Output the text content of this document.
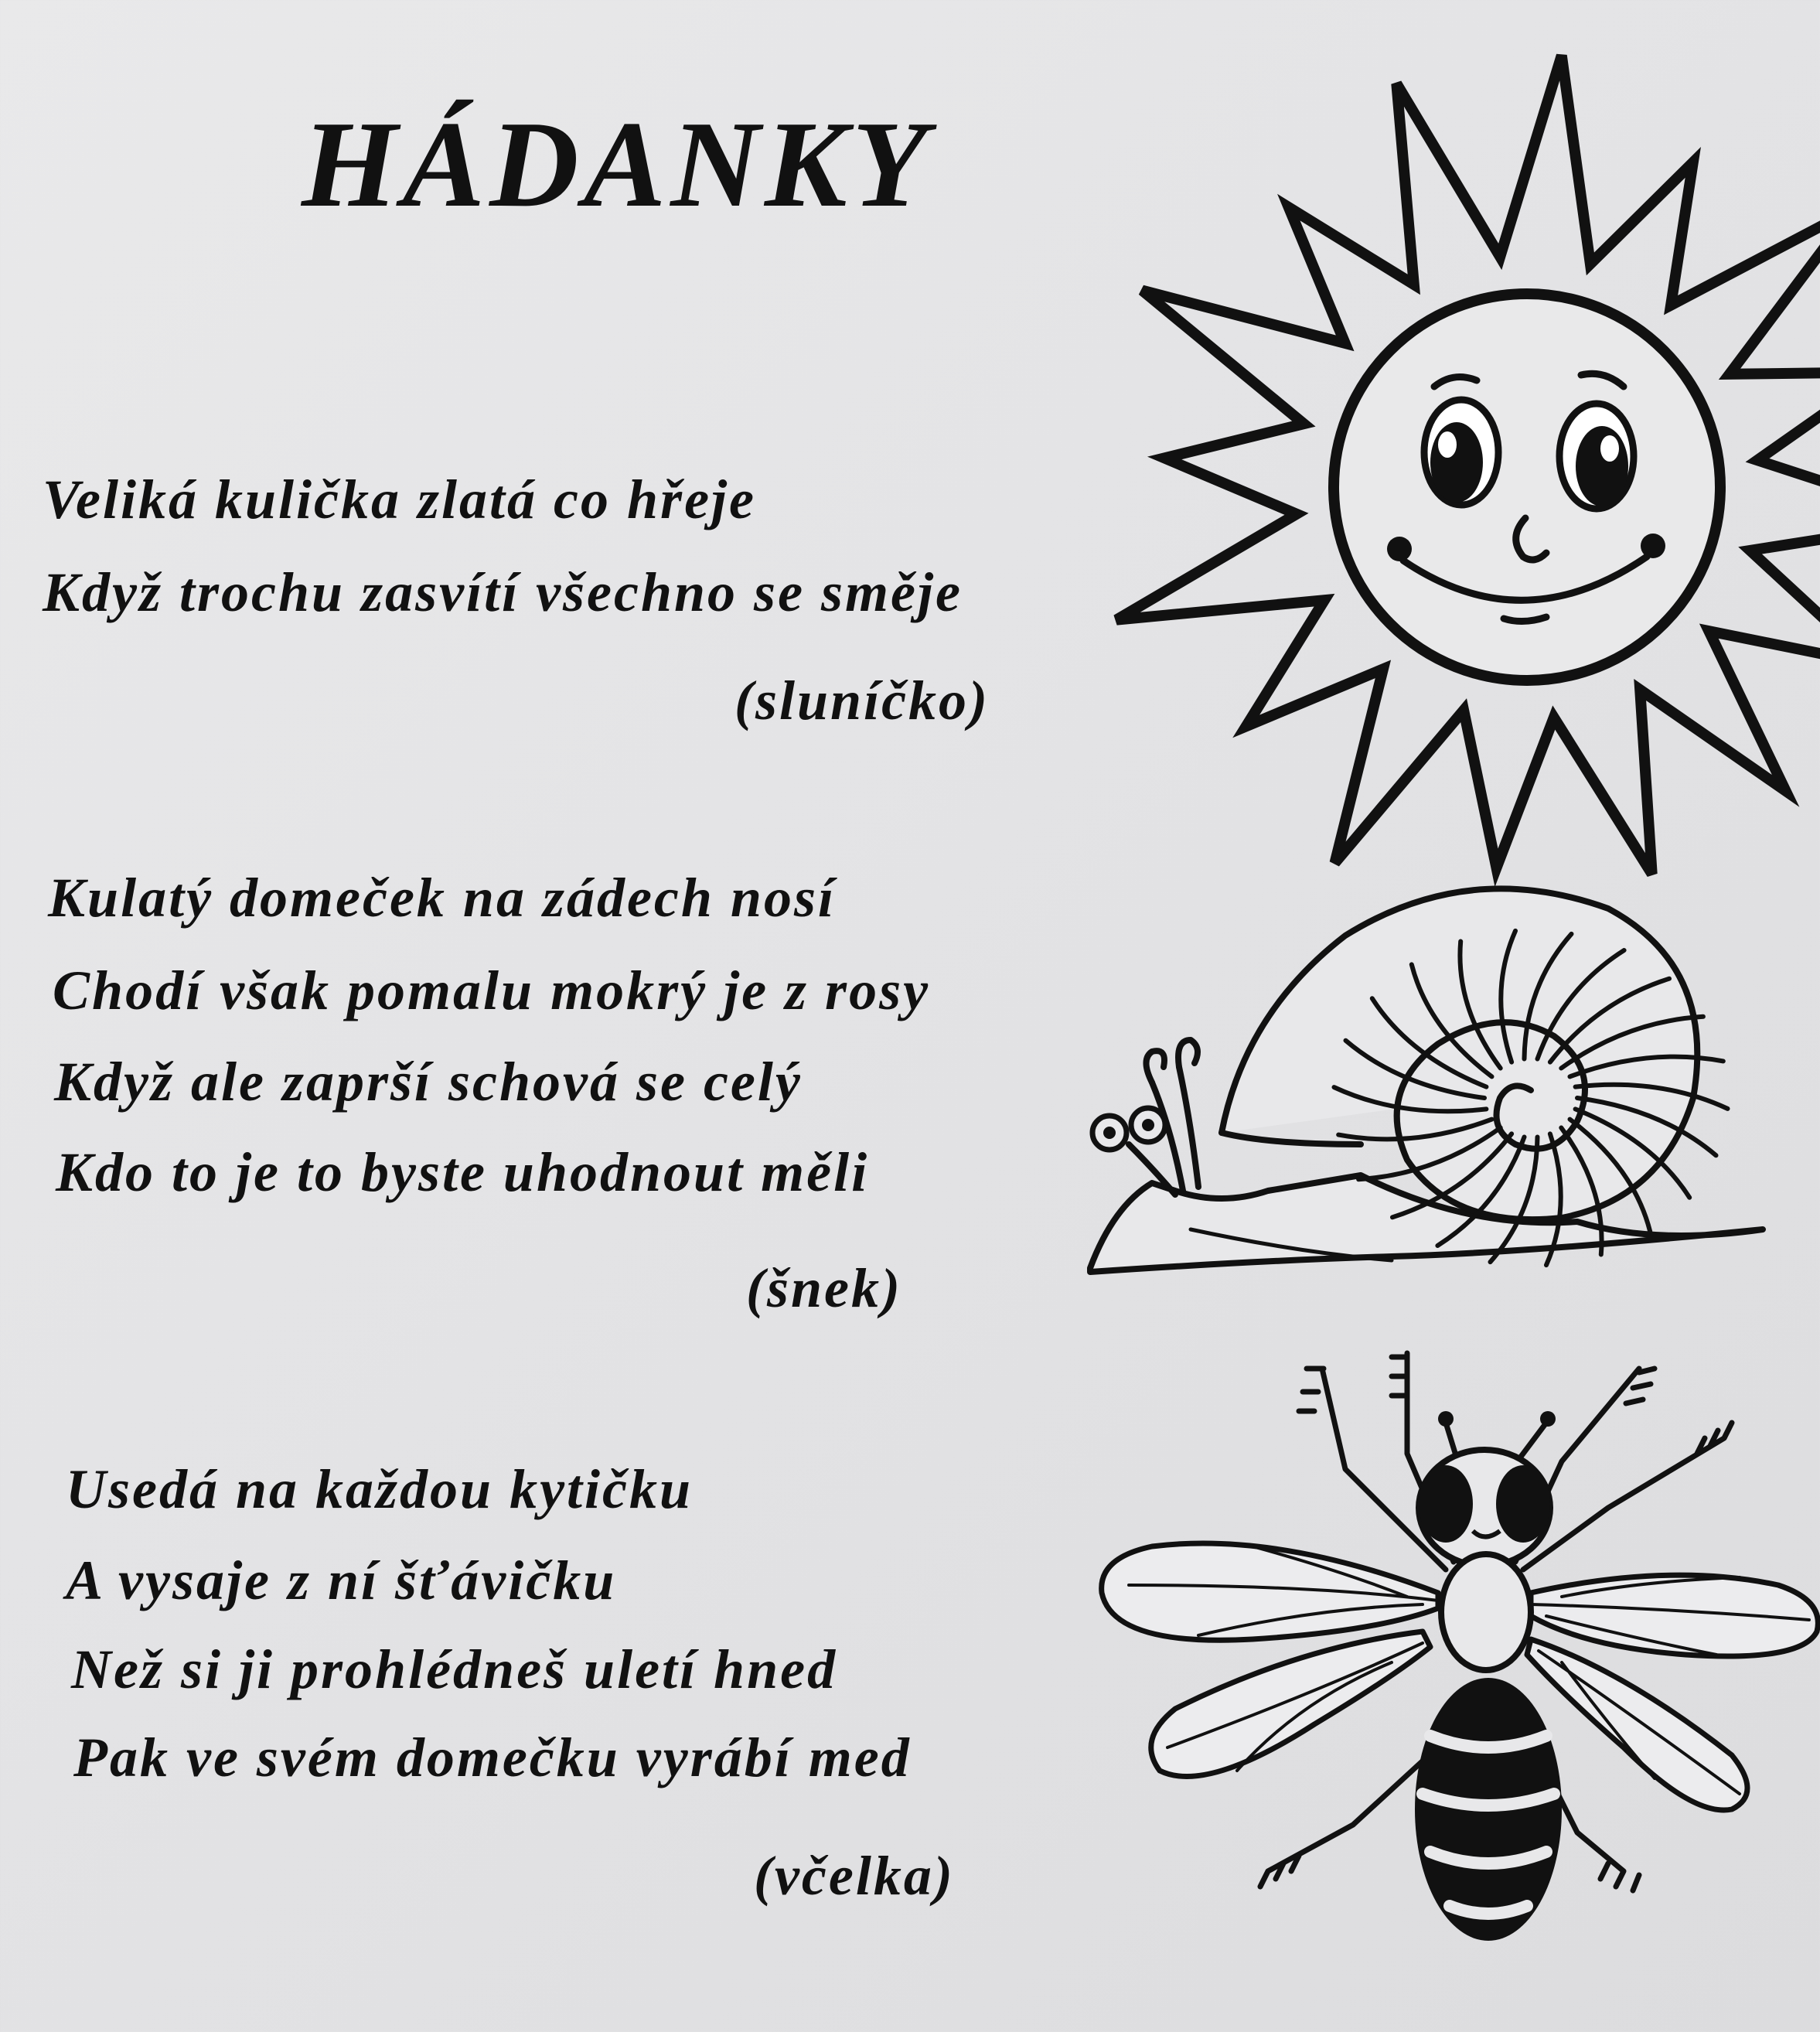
HÁDANKY
Veliká kulička zlatá co hřeje
Když trochu zasvítí všechno se směje
(sluníčko)
Kulatý domeček na zádech nosí
Chodí však pomalu mokrý je z rosy
Když ale zaprší schová se celý
Kdo to je to byste uhodnout měli
(šnek)
Usedá na každou kytičku
A vysaje z ní šťávičku
Než si ji prohlédneš uletí hned
Pak ve svém domečku vyrábí med
(včelka)
